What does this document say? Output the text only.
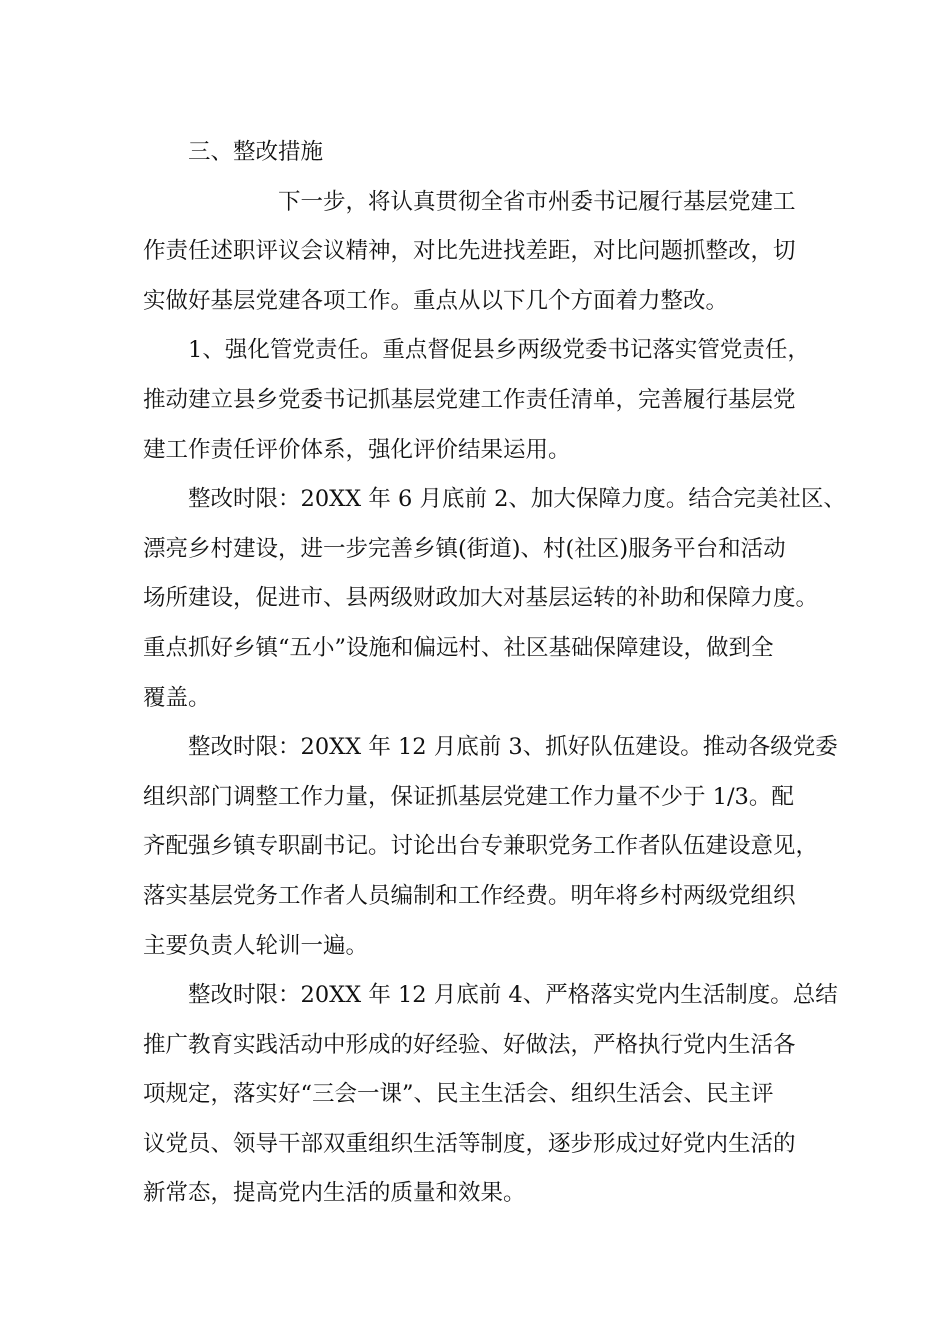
三、整改措施
下一步，将认真贯彻全省市州委书记履行基层党建工
作责任述职评议会议精神，对比先进找差距，对比问题抓整改，切
实做好基层党建各项工作。重点从以下几个方面着力整改。
1、强化管党责任。重点督促县乡两级党委书记落实管党责任，
推动建立县乡党委书记抓基层党建工作责任清单，完善履行基层党
建工作责任评价体系，强化评价结果运用。
整改时限：20XX 年 6 月底前 2、加大保障力度。结合完美社区、
漂亮乡村建设，进一步完善乡镇(街道)、村(社区)服务平台和活动
场所建设，促进市、县两级财政加大对基层运转的补助和保障力度。
重点抓好乡镇“五小”设施和偏远村、社区基础保障建设，做到全
覆盖。
整改时限：20XX 年 12 月底前 3、抓好队伍建设。推动各级党委
组织部门调整工作力量，保证抓基层党建工作力量不少于 1/3。配
齐配强乡镇专职副书记。讨论出台专兼职党务工作者队伍建设意见，
落实基层党务工作者人员编制和工作经费。明年将乡村两级党组织
主要负责人轮训一遍。
整改时限：20XX 年 12 月底前 4、严格落实党内生活制度。总结
推广教育实践活动中形成的好经验、好做法，严格执行党内生活各
项规定，落实好“三会一课”、民主生活会、组织生活会、民主评
议党员、领导干部双重组织生活等制度，逐步形成过好党内生活的
新常态，提高党内生活的质量和效果。
